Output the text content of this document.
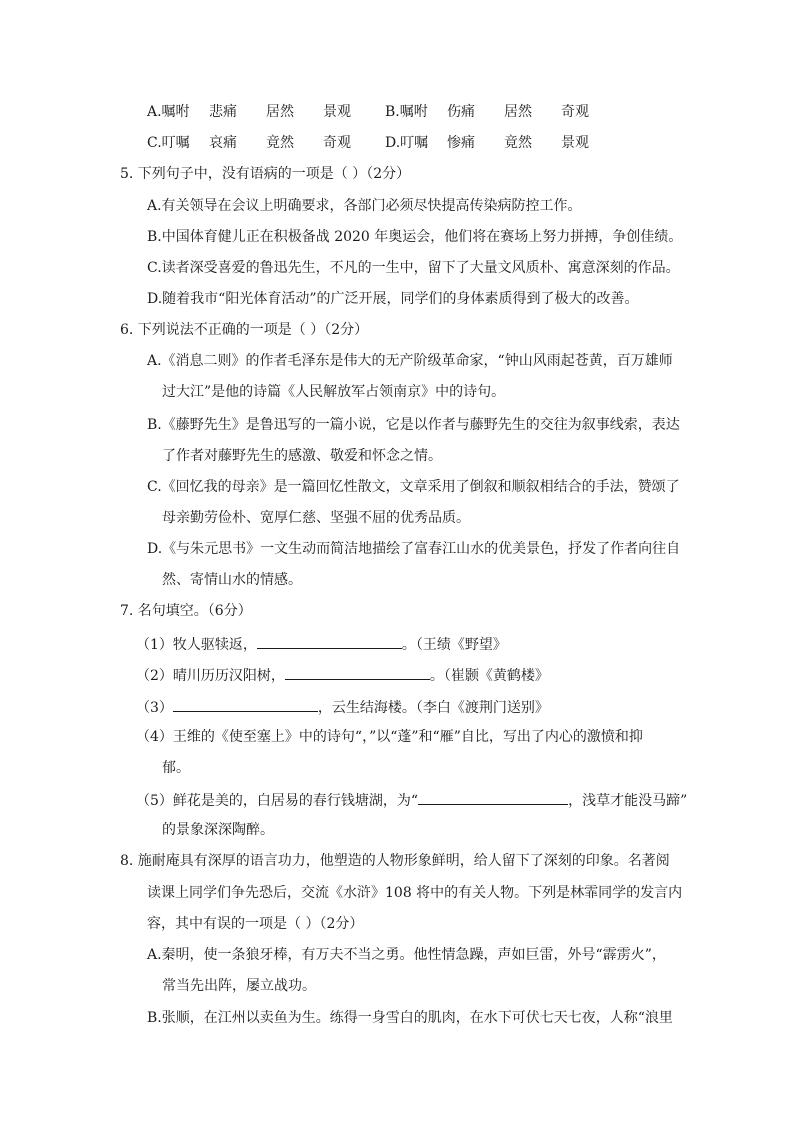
A.嘱咐 悲痛 居然 景观	B.嘱咐 伤痛 居然 奇观
C.叮嘱 哀痛 竟然 奇观	D.叮嘱 惨痛 竟然 景观
5. 下列句子中，没有语病的一项是（ ）（2分）
A.有关领导在会议上明确要求，各部门必须尽快提高传染病防控工作。
B.中国体育健儿正在积极备战 2020 年奥运会，他们将在赛场上努力拼搏，争创佳绩。
C.读者深受喜爱的鲁迅先生，不凡的一生中，留下了大量文风质朴、寓意深刻的作品。
D.随着我市“阳光体育活动”的广泛开展，同学们的身体素质得到了极大的改善。
6. 下列说法不正确的一项是（ ）（2分）
A.《消息二则》的作者毛泽东是伟大的无产阶级革命家，“钟山风雨起苍黄，百万雄师
过大江”是他的诗篇《人民解放军占领南京》中的诗句。
B.《藤野先生》是鲁迅写的一篇小说，它是以作者与藤野先生的交往为叙事线索，表达
了作者对藤野先生的感激、敬爱和怀念之情。
C.《回忆我的母亲》是一篇回忆性散文，文章采用了倒叙和顺叙相结合的手法，赞颂了
母亲勤劳俭朴、宽厚仁慈、坚强不屈的优秀品质。
D.《与朱元思书》一文生动而简洁地描绘了富春江山水的优美景色，抒发了作者向往自
然、寄情山水的情感。
7. 名句填空。（6分）
（1）牧人驱犊返，	。（王绩《野望》
（2）晴川历历汉阳树，	。（崔颢《黄鹤楼》
（3）	，云生结海楼。（李白《渡荆门送别》
（4）王维的《使至塞上》中的诗句“，”以“蓬”和“雁”自比，写出了内心的激愤和抑
郁。
（5）鲜花是美的，白居易的春行钱塘湖，为“	，浅草才能没马蹄”
的景象深深陶醉。
8. 施耐庵具有深厚的语言功力，他塑造的人物形象鲜明，给人留下了深刻的印象。名著阅
读课上同学们争先恐后，交流《水浒》108 将中的有关人物。下列是林霏同学的发言内
容，其中有误的一项是（ ）（2分）
A.秦明，使一条狼牙棒，有万夫不当之勇。他性情急躁，声如巨雷，外号“霹雳火”，
常当先出阵，屡立战功。
B.张顺，在江州以卖鱼为生。练得一身雪白的肌肉，在水下可伏七天七夜，人称“浪里
